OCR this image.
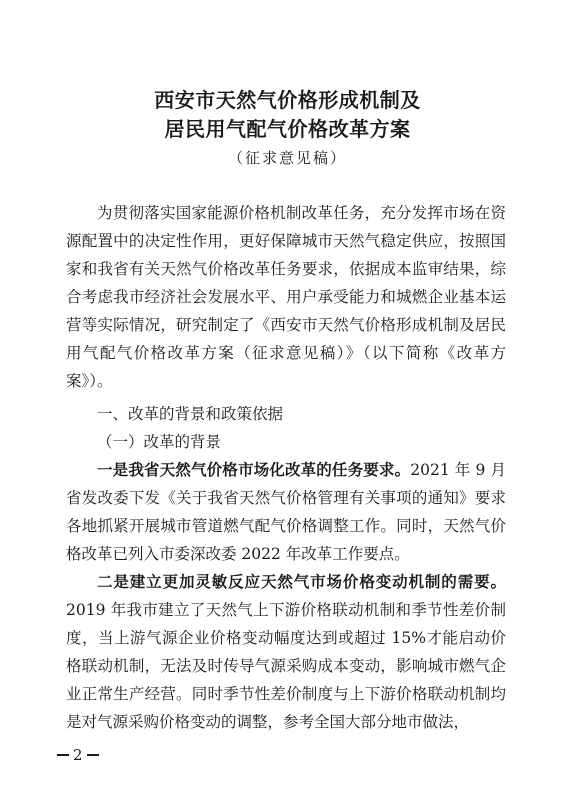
西安市天然气价格形成机制及
居民用气配气价格改革方案
（征求意见稿）
为贯彻落实国家能源价格机制改革任务，充分发挥市场在资源配置中的决定性作用，更好保障城市天然气稳定供应，按照国家和我省有关天然气价格改革任务要求，依据成本监审结果，综合考虑我市经济社会发展水平、用户承受能力和城燃企业基本运营等实际情况，研究制定了《西安市天然气价格形成机制及居民用气配气价格改革方案（征求意见稿）》（以下简称《改革方案》）。
一、改革的背景和政策依据
（一）改革的背景
一是我省天然气价格市场化改革的任务要求。2021 年 9 月省发改委下发《关于我省天然气价格管理有关事项的通知》要求各地抓紧开展城市管道燃气配气价格调整工作。同时，天然气价格改革已列入市委深改委 2022 年改革工作要点。
二是建立更加灵敏反应天然气市场价格变动机制的需要。2019 年我市建立了天然气上下游价格联动机制和季节性差价制度，当上游气源企业价格变动幅度达到或超过 15%才能启动价格联动机制，无法及时传导气源采购成本变动，影响城市燃气企业正常生产经营。同时季节性差价制度与上下游价格联动机制均是对气源采购价格变动的调整，参考全国大部分地市做法，
2
